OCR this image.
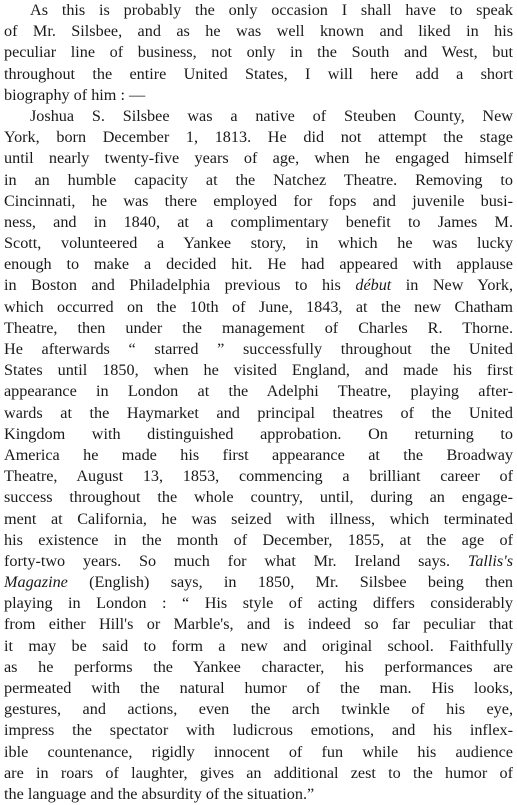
As this is probably the only occasion I shall have to speak
of Mr. Silsbee, and as he was well known and liked in his
peculiar line of business, not only in the South and West, but
throughout the entire United States, I will here add a short
biography of him : —
Joshua S. Silsbee was a native of Steuben County, New
York, born December 1, 1813. He did not attempt the stage
until nearly twenty-five years of age, when he engaged himself
in an humble capacity at the Natchez Theatre. Removing to
Cincinnati, he was there employed for fops and juvenile busi-
ness, and in 1840, at a complimentary benefit to James M.
Scott, volunteered a Yankee story, in which he was lucky
enough to make a decided hit. He had appeared with applause
in Boston and Philadelphia previous to his début in New York,
which occurred on the 10th of June, 1843, at the new Chatham
Theatre, then under the management of Charles R. Thorne.
He afterwards “ starred ” successfully throughout the United
States until 1850, when he visited England, and made his first
appearance in London at the Adelphi Theatre, playing after-
wards at the Haymarket and principal theatres of the United
Kingdom with distinguished approbation. On returning to
America he made his first appearance at the Broadway
Theatre, August 13, 1853, commencing a brilliant career of
success throughout the whole country, until, during an engage-
ment at California, he was seized with illness, which terminated
his existence in the month of December, 1855, at the age of
forty-two years. So much for what Mr. Ireland says. Tallis's
Magazine (English) says, in 1850, Mr. Silsbee being then
playing in London : “ His style of acting differs considerably
from either Hill's or Marble's, and is indeed so far peculiar that
it may be said to form a new and original school. Faithfully
as he performs the Yankee character, his performances are
permeated with the natural humor of the man. His looks,
gestures, and actions, even the arch twinkle of his eye,
impress the spectator with ludicrous emotions, and his inflex-
ible countenance, rigidly innocent of fun while his audience
are in roars of laughter, gives an additional zest to the humor of
the language and the absurdity of the situation.”
